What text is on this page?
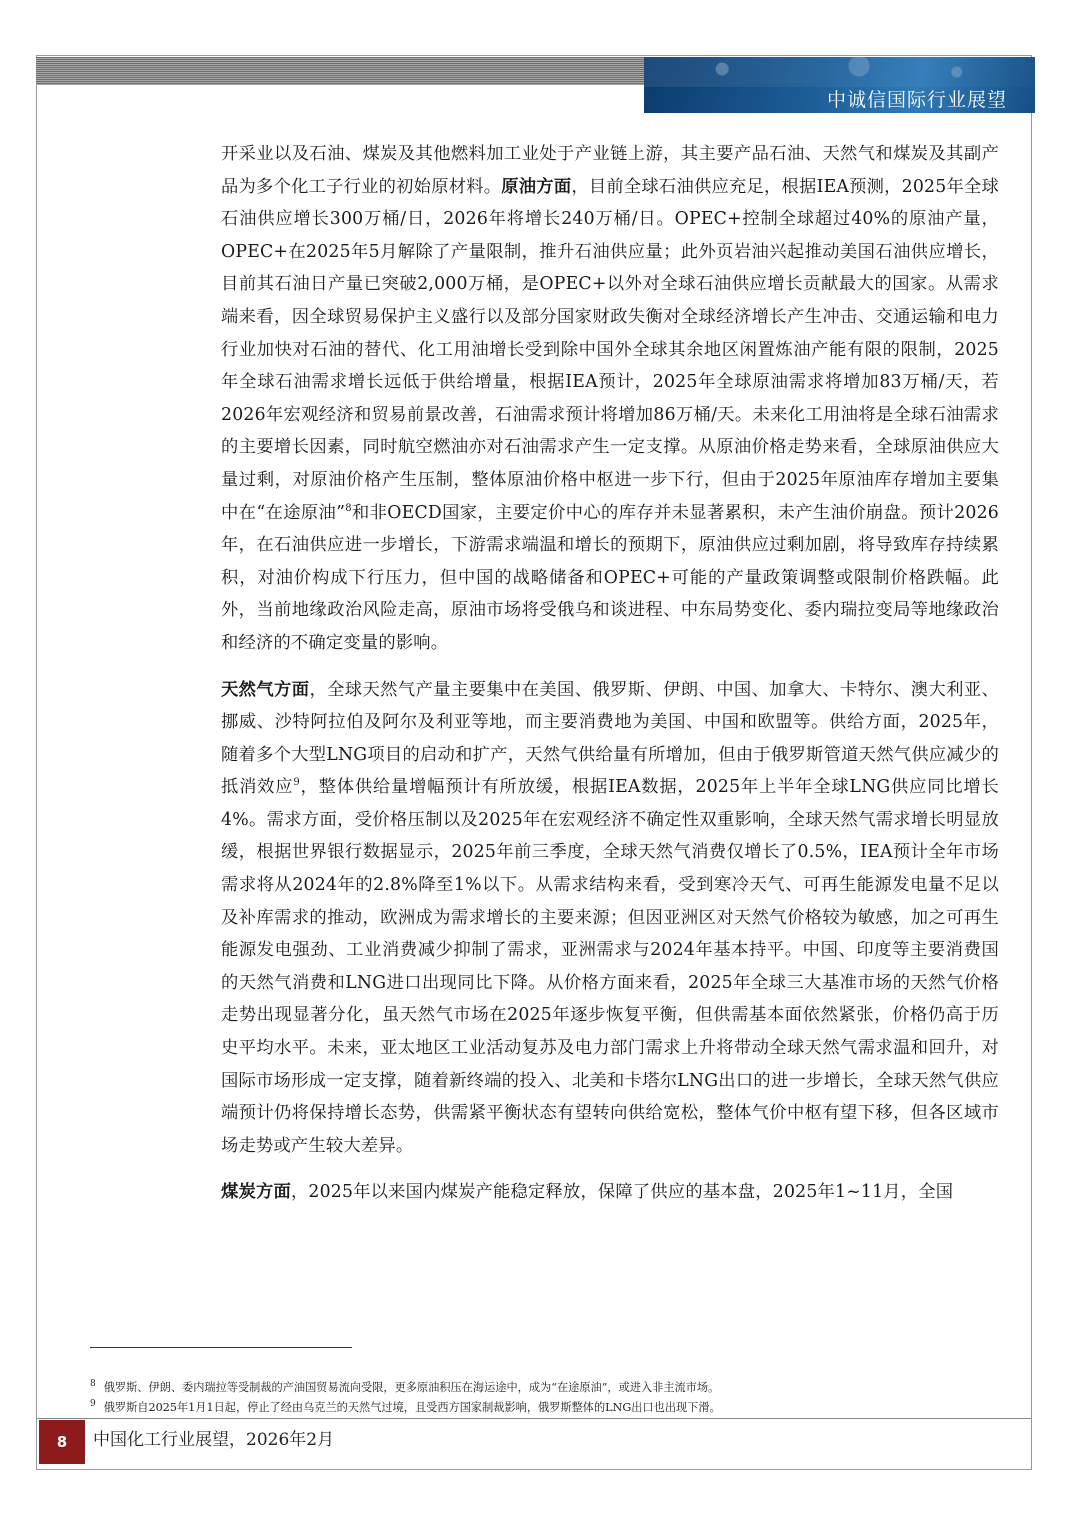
中诚信国际行业展望

开采业以及石油、煤炭及其他燃料加工业处于产业链上游，其主要产品石油、天然气和煤炭及其副产品为多个化工子行业的初始原材料。原油方面，目前全球石油供应充足，根据IEA预测，2025年全球石油供应增长300万桶/日，2026年将增长240万桶/日。OPEC+控制全球超过40%的原油产量，OPEC+在2025年5月解除了产量限制，推升石油供应量；此外页岩油兴起推动美国石油供应增长，目前其石油日产量已突破2,000万桶，是OPEC+以外对全球石油供应增长贡献最大的国家。从需求端来看，因全球贸易保护主义盛行以及部分国家财政失衡对全球经济增长产生冲击、交通运输和电力行业加快对石油的替代、化工用油增长受到除中国外全球其余地区闲置炼油产能有限的限制，2025年全球石油需求增长远低于供给增量，根据IEA预计，2025年全球原油需求将增加83万桶/天，若2026年宏观经济和贸易前景改善，石油需求预计将增加86万桶/天。未来化工用油将是全球石油需求的主要增长因素，同时航空燃油亦对石油需求产生一定支撑。从原油价格走势来看，全球原油供应大量过剩，对原油价格产生压制，整体原油价格中枢进一步下行，但由于2025年原油库存增加主要集中在“在途原油”$^8$和非OECD国家，主要定价中心的库存并未显著累积，未产生油价崩盘。预计2026年，在石油供应进一步增长，下游需求端温和增长的预期下，原油供应过剩加剧，将导致库存持续累积，对油价构成下行压力，但中国的战略储备和OPEC+可能的产量政策调整或限制价格跌幅。此外，当前地缘政治风险走高，原油市场将受俄乌和谈进程、中东局势变化、委内瑞拉变局等地缘政治和经济的不确定变量的影响。

天然气方面，全球天然气产量主要集中在美国、俄罗斯、伊朗、中国、加拿大、卡特尔、澳大利亚、挪威、沙特阿拉伯及阿尔及利亚等地，而主要消费地为美国、中国和欧盟等。供给方面，2025年，随着多个大型LNG项目的启动和扩产，天然气供给量有所增加，但由于俄罗斯管道天然气供应减少的抵消效应$^9$，整体供给量增幅预计有所放缓，根据IEA数据，2025年上半年全球LNG供应同比增长4%。需求方面，受价格压制以及2025年在宏观经济不确定性双重影响，全球天然气需求增长明显放缓，根据世界银行数据显示，2025年前三季度，全球天然气消费仅增长了0.5%，IEA预计全年市场需求将从2024年的2.8%降至1%以下。从需求结构来看，受到寒冷天气、可再生能源发电量不足以及补库需求的推动，欧洲成为需求增长的主要来源；但因亚洲区对天然气价格较为敏感，加之可再生能源发电强劲、工业消费减少抑制了需求，亚洲需求与2024年基本持平。中国、印度等主要消费国的天然气消费和LNG进口出现同比下降。从价格方面来看，2025年全球三大基准市场的天然气价格走势出现显著分化，虽天然气市场在2025年逐步恢复平衡，但供需基本面依然紧张，价格仍高于历史平均水平。未来，亚太地区工业活动复苏及电力部门需求上升将带动全球天然气需求温和回升，对国际市场形成一定支撑，随着新终端的投入、北美和卡塔尔LNG出口的进一步增长，全球天然气供应端预计仍将保持增长态势，供需紧平衡状态有望转向供给宽松，整体气价中枢有望下移，但各区域市场走势或产生较大差异。

煤炭方面，2025年以来国内煤炭产能稳定释放，保障了供应的基本盘，2025年1~11月，全国

$^8$ 俄罗斯、伊朗、委内瑞拉等受制裁的产油国贸易流向受限，更多原油积压在海运途中，成为“在途原油”，或进入非主流市场。
$^9$ 俄罗斯自2025年1月1日起，停止了经由乌克兰的天然气过境，且受西方国家制裁影响，俄罗斯整体的LNG出口也出现下滑。
8	中国化工行业展望，2026年2月
